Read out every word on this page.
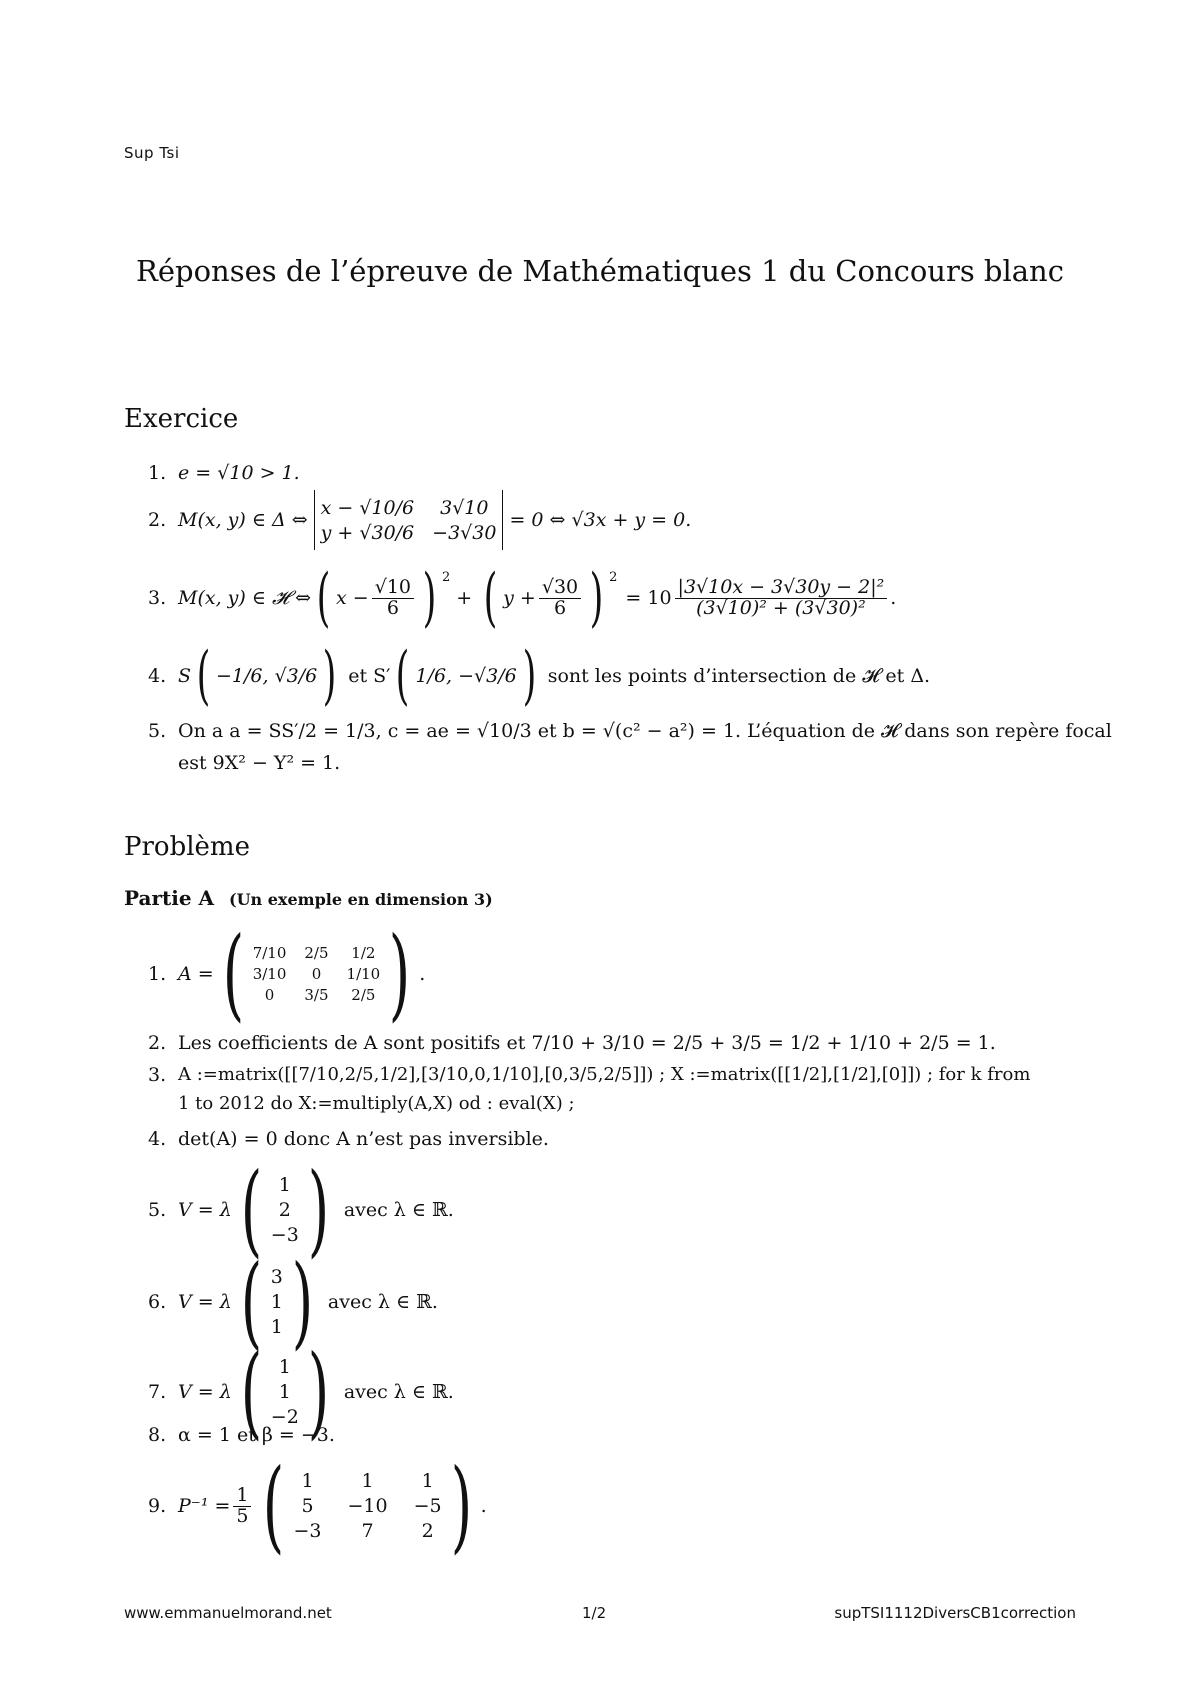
Sup Tsi
Réponses de l’épreuve de Mathématiques 1 du Concours blanc
Exercice
1. e = √10 > 1.
2. M(x, y) ∈ Δ ⇔
x − √10/6	3√10
y + √30/6 −3√30
= 0 ⇔ √3x + y = 0.
3. M(x, y) ∈ 𝓗 ⇔ ( $x - \frac{√10}{6}$ ) $^2$
+ ( $y + \frac{√30}{6}$ ) $^2$
= $10 \frac{\text{|3√10x − 3√30y − 2|²}}{\text{(3√10)² + (3√30)²}}$ .
4. S ( −1/6, √3/6 ) et S′ ( 1/6, −√3/6 ) sont les points d’intersection de 𝓗 et Δ.
5. On a a = SS′/2 = 1/3, c = ae = √10/3 et b = √(c² − a²) = 1. L’équation de 𝓗 dans son repère focal
est 9X² − Y² = 1.
Problème
Partie A (Un exemple en dimension 3)
1. A = ( 7/10 2/5	1/2
3/10	0	1/10
0	3/5	2/5 ) .
2. Les coefficients de A sont positifs et 7/10 + 3/10 = 2/5 + 3/5 = 1/2 + 1/10 + 2/5 = 1.
3. A :=matrix([[7/10,2/5,1/2],[3/10,0,1/10],[0,3/5,2/5]]) ; X :=matrix([[1/2],[1/2],[0]]) ; for k from
1 to 2012 do X:=multiply(A,X) od : eval(X) ;
4. det(A) = 0 donc A n’est pas inversible.
5. V = λ ( 1
2
−3 ) avec λ ∈ ℝ.
6. V = λ ( 3
1
1 ) avec λ ∈ ℝ.
7. V = λ ( 1
1
−2 ) avec λ ∈ ℝ.
8. α = 1 et β = −3.
9. $P^{-1} = \frac{1}{5}$ ( 1	1	1
5	−10 −5
−3	7	2 ) .
www.emmanuelmorand.net	1/2	supTSI1112DiversCB1correction
